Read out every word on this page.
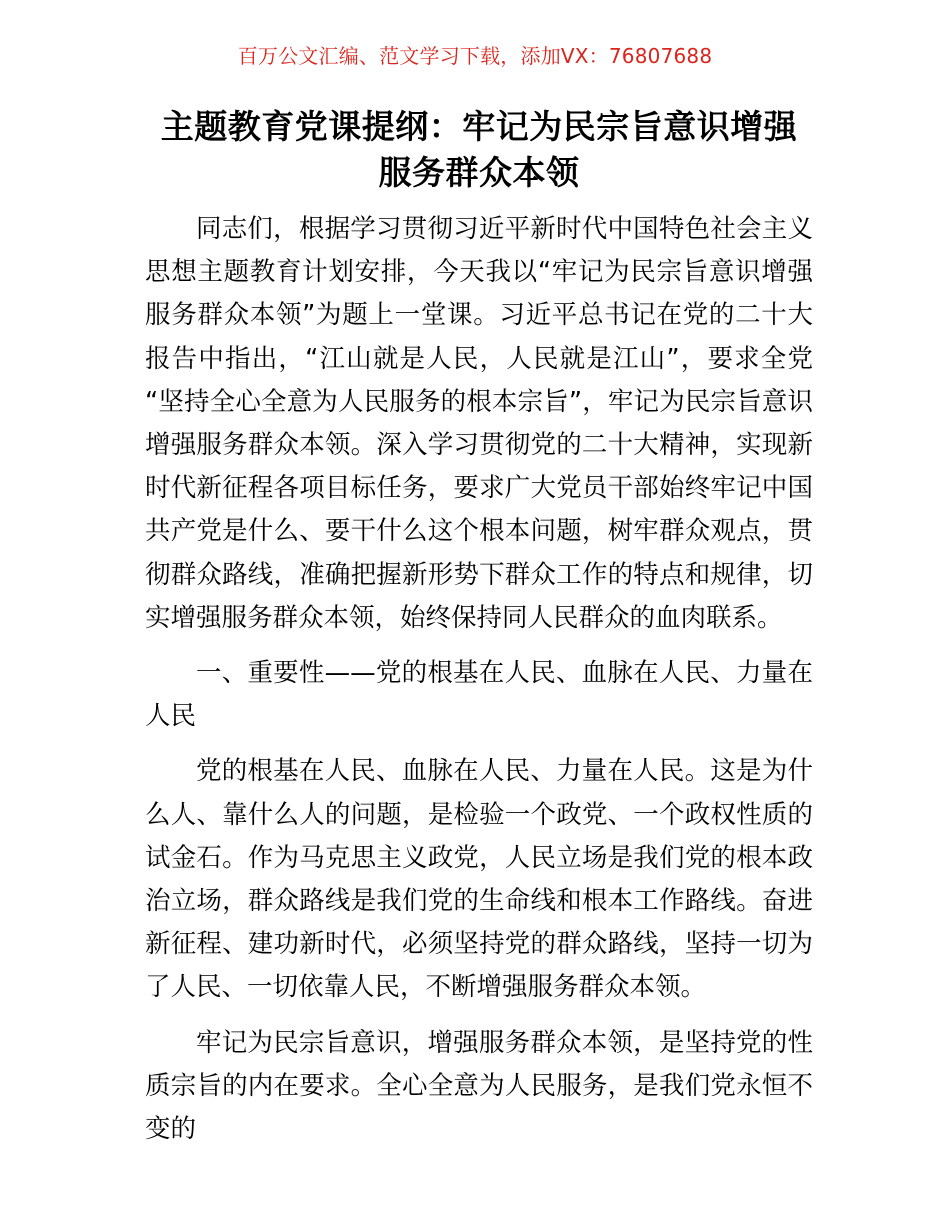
百万公文汇编、范文学习下载，添加VX：76807688
主题教育党课提纲：牢记为民宗旨意识增强服务群众本领

同志们，根据学习贯彻习近平新时代中国特色社会主义思想主题教育计划安排，今天我以“牢记为民宗旨意识增强服务群众本领”为题上一堂课。习近平总书记在党的二十大报告中指出，“江山就是人民，人民就是江山”，要求全党“坚持全心全意为人民服务的根本宗旨”，牢记为民宗旨意识增强服务群众本领。深入学习贯彻党的二十大精神，实现新时代新征程各项目标任务，要求广大党员干部始终牢记中国共产党是什么、要干什么这个根本问题，树牢群众观点，贯彻群众路线，准确把握新形势下群众工作的特点和规律，切实增强服务群众本领，始终保持同人民群众的血肉联系。

一、重要性——党的根基在人民、血脉在人民、力量在人民

党的根基在人民、血脉在人民、力量在人民。这是为什么人、靠什么人的问题，是检验一个政党、一个政权性质的试金石。作为马克思主义政党，人民立场是我们党的根本政治立场，群众路线是我们党的生命线和根本工作路线。奋进新征程、建功新时代，必须坚持党的群众路线，坚持一切为了人民、一切依靠人民，不断增强服务群众本领。

牢记为民宗旨意识，增强服务群众本领，是坚持党的性质宗旨的内在要求。全心全意为人民服务，是我们党永恒不变的
